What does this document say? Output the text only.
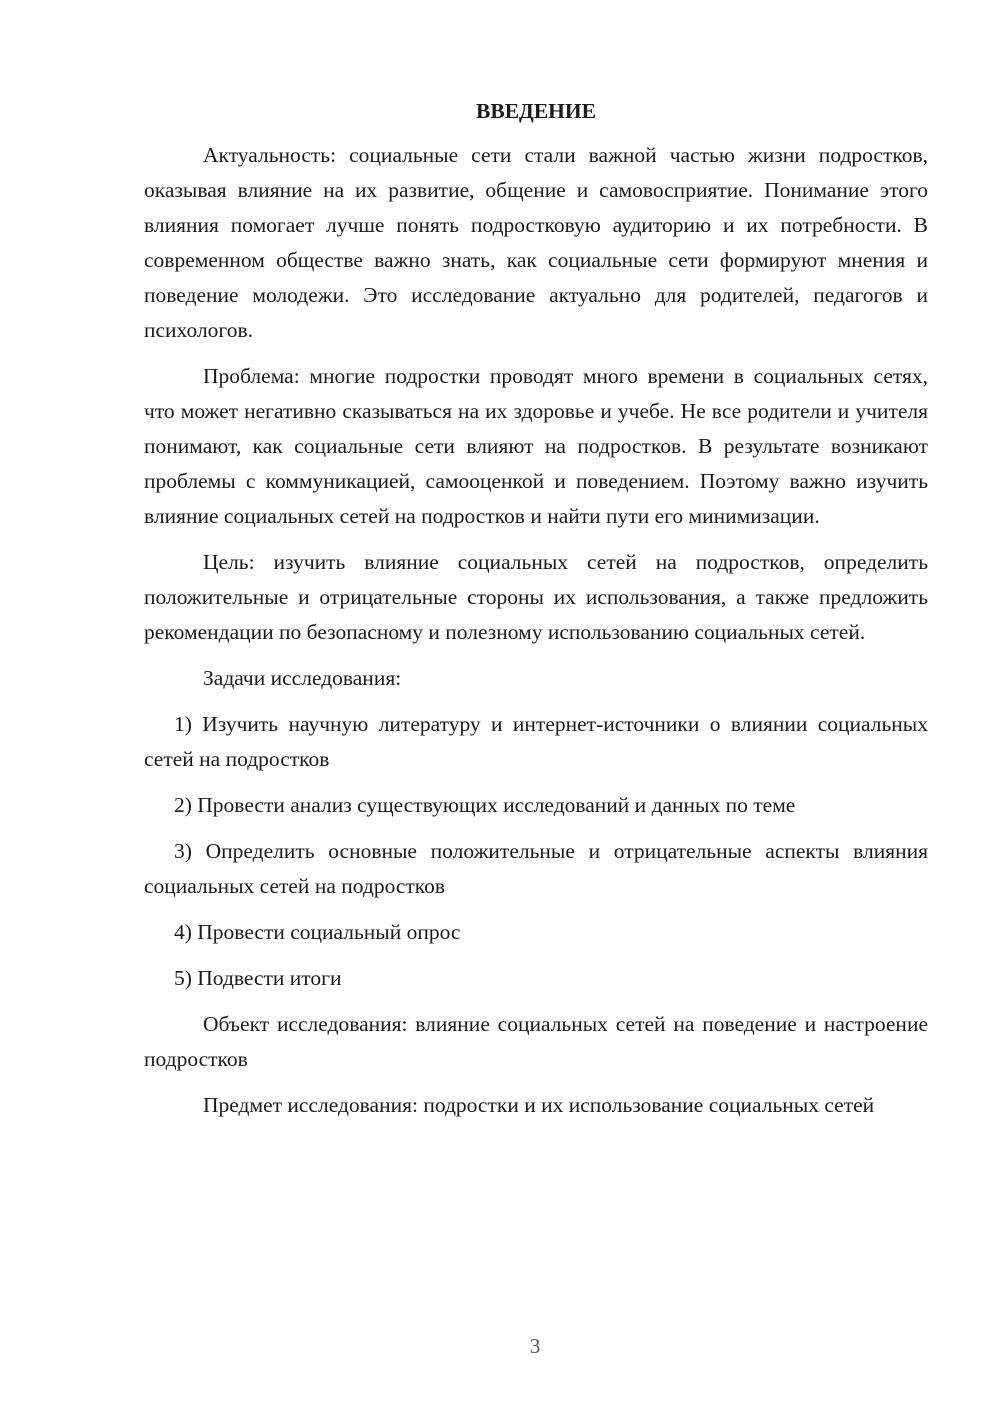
ВВЕДЕНИЕ

Актуальность: социальные сети стали важной частью жизни подростков, оказывая влияние на их развитие, общение и самовосприятие. Понимание этого влияния помогает лучше понять подростковую аудиторию и их потребности. В современном обществе важно знать, как социальные сети формируют мнения и поведение молодежи. Это исследование актуально для родителей, педагогов и психологов.

Проблема: многие подростки проводят много времени в социальных сетях, что может негативно сказываться на их здоровье и учебе. Не все родители и учителя понимают, как социальные сети влияют на подростков. В результате возникают проблемы с коммуникацией, самооценкой и поведением. Поэтому важно изучить влияние социальных сетей на подростков и найти пути его минимизации.

Цель: изучить влияние социальных сетей на подростков, определить положительные и отрицательные стороны их использования, а также предложить рекомендации по безопасному и полезному использованию социальных сетей.

Задачи исследования:

1) Изучить научную литературу и интернет-источники о влиянии социальных сетей на подростков

2) Провести анализ существующих исследований и данных по теме

3) Определить основные положительные и отрицательные аспекты влияния социальных сетей на подростков

4) Провести социальный опрос

5) Подвести итоги

Объект исследования: влияние социальных сетей на поведение и настроение подростков

Предмет исследования: подростки и их использование социальных сетей

3
